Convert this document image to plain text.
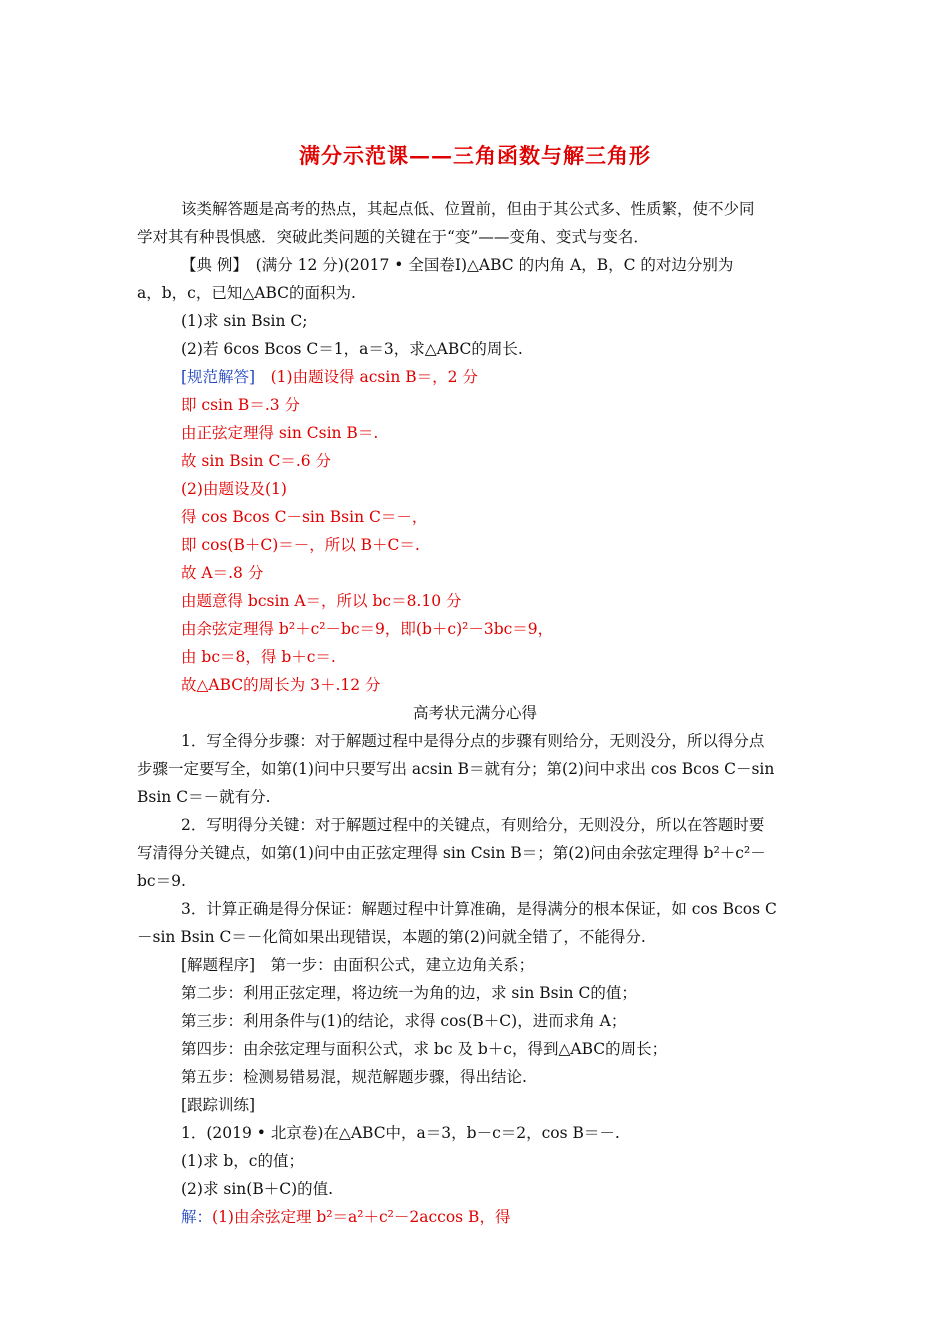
满分示范课——三角函数与解三角形
该类解答题是高考的热点，其起点低、位置前，但由于其公式多、性质繁，使不少同
学对其有种畏惧感．突破此类问题的关键在于“变”——变角、变式与变名．
【典 例】　(满分 12 分)(2017 • 全国卷Ⅰ)△ABC 的内角 A，B，C 的对边分别为
a，b，c，已知△ABC的面积为.
(1)求 sin Bsin C;
(2)若 6cos Bcos C＝1，a＝3，求△ABC的周长.
[规范解答]　 (1)由题设得 acsin B＝，2 分
即 csin B＝.3 分
由正弦定理得 sin Csin B＝.
故 sin Bsin C＝.6 分
(2)由题设及(1)
得 cos Bcos C－sin Bsin C＝－，
即 cos(B＋C)＝－，所以 B＋C＝.
故 A＝.8 分
由题意得 bcsin A＝，所以 bc＝8.10 分
由余弦定理得 b²＋c²－bc＝9，即(b＋c)²－3bc＝9，
由 bc＝8，得 b＋c＝.
故△ABC的周长为 3＋.12 分
高考状元满分心得
1．写全得分步骤：对于解题过程中是得分点的步骤有则给分，无则没分，所以得分点
步骤一定要写全，如第(1)问中只要写出 acsin B＝就有分；第(2)问中求出 cos Bcos C－sin
Bsin C＝－就有分.
2．写明得分关键：对于解题过程中的关键点，有则给分，无则没分，所以在答题时要
写清得分关键点，如第(1)问中由正弦定理得 sin Csin B＝；第(2)问由余弦定理得 b²＋c²－
bc＝9.
3．计算正确是得分保证：解题过程中计算准确，是得满分的根本保证，如 cos Bcos C
－sin Bsin C＝－化简如果出现错误，本题的第(2)问就全错了，不能得分.
[解题程序]　第一步：由面积公式，建立边角关系；
第二步：利用正弦定理，将边统一为角的边，求 sin Bsin C的值；
第三步：利用条件与(1)的结论，求得 cos(B＋C)，进而求角 A；
第四步：由余弦定理与面积公式，求 bc 及 b＋c，得到△ABC的周长；
第五步：检测易错易混，规范解题步骤，得出结论.
[跟踪训练]
1．(2019 • 北京卷)在△ABC中，a＝3，b－c＝2，cos B＝－.
(1)求 b，c的值；
(2)求 sin(B＋C)的值.
解：(1)由余弦定理 b²＝a²＋c²－2accos B，得
